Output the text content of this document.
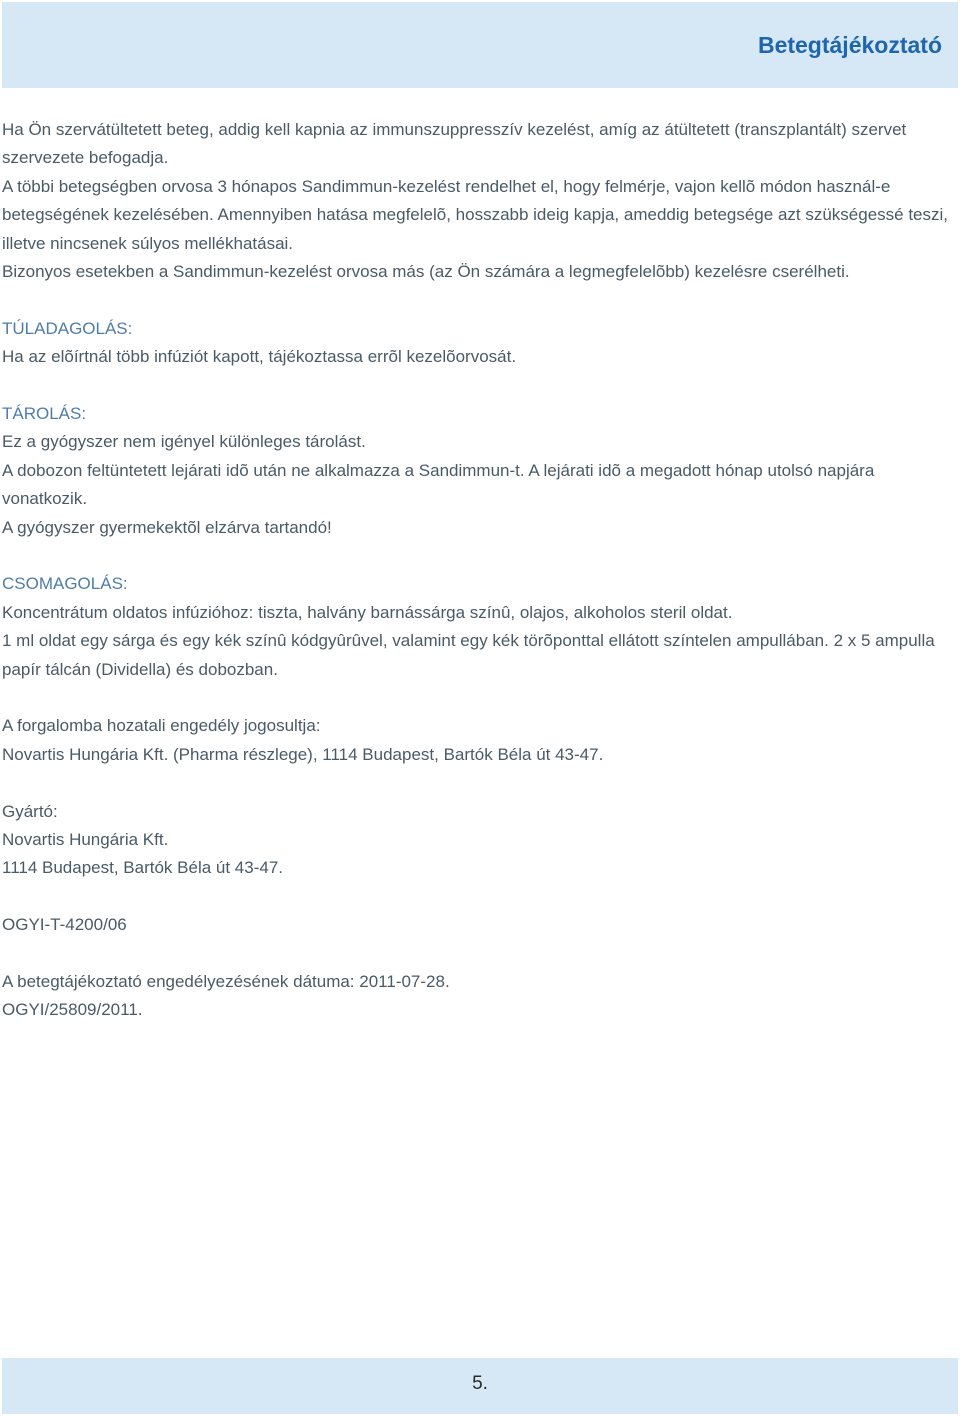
Betegtájékoztató

Ha Ön szervátültetett beteg, addig kell kapnia az immunszuppresszív kezelést, amíg az átültetett (transzplantált) szervet szervezete befogadja.

A többi betegségben orvosa 3 hónapos Sandimmun-kezelést rendelhet el, hogy felmérje, vajon kellõ módon használ-e betegségének kezelésében. Amennyiben hatása megfelelõ, hosszabb ideig kapja, ameddig betegsége azt szükségessé teszi, illetve nincsenek súlyos mellékhatásai.

Bizonyos esetekben a Sandimmun-kezelést orvosa más (az Ön számára a legmegfelelõbb) kezelésre cserélheti.

TÚLADAGOLÁS:

Ha az elõírtnál több infúziót kapott, tájékoztassa errõl kezelõorvosát.

TÁROLÁS:

Ez a gyógyszer nem igényel különleges tárolást.

A dobozon feltüntetett lejárati idõ után ne alkalmazza a Sandimmun-t. A lejárati idõ a megadott hónap utolsó napjára vonatkozik.

A gyógyszer gyermekektõl elzárva tartandó!

CSOMAGOLÁS:

Koncentrátum oldatos infúzióhoz: tiszta, halvány barnássárga színû, olajos, alkoholos steril oldat.

1 ml oldat egy sárga és egy kék színû kódgyûrûvel, valamint egy kék törõponttal ellátott színtelen ampullában. 2 x 5 ampulla papír tálcán (Dividella) és dobozban.

A forgalomba hozatali engedély jogosultja:

Novartis Hungária Kft. (Pharma részlege), 1114 Budapest, Bartók Béla út 43-47.

Gyártó:

Novartis Hungária Kft.

1114 Budapest, Bartók Béla út 43-47.

OGYI-T-4200/06

A betegtájékoztató engedélyezésének dátuma: 2011-07-28.

OGYI/25809/2011.

5.
